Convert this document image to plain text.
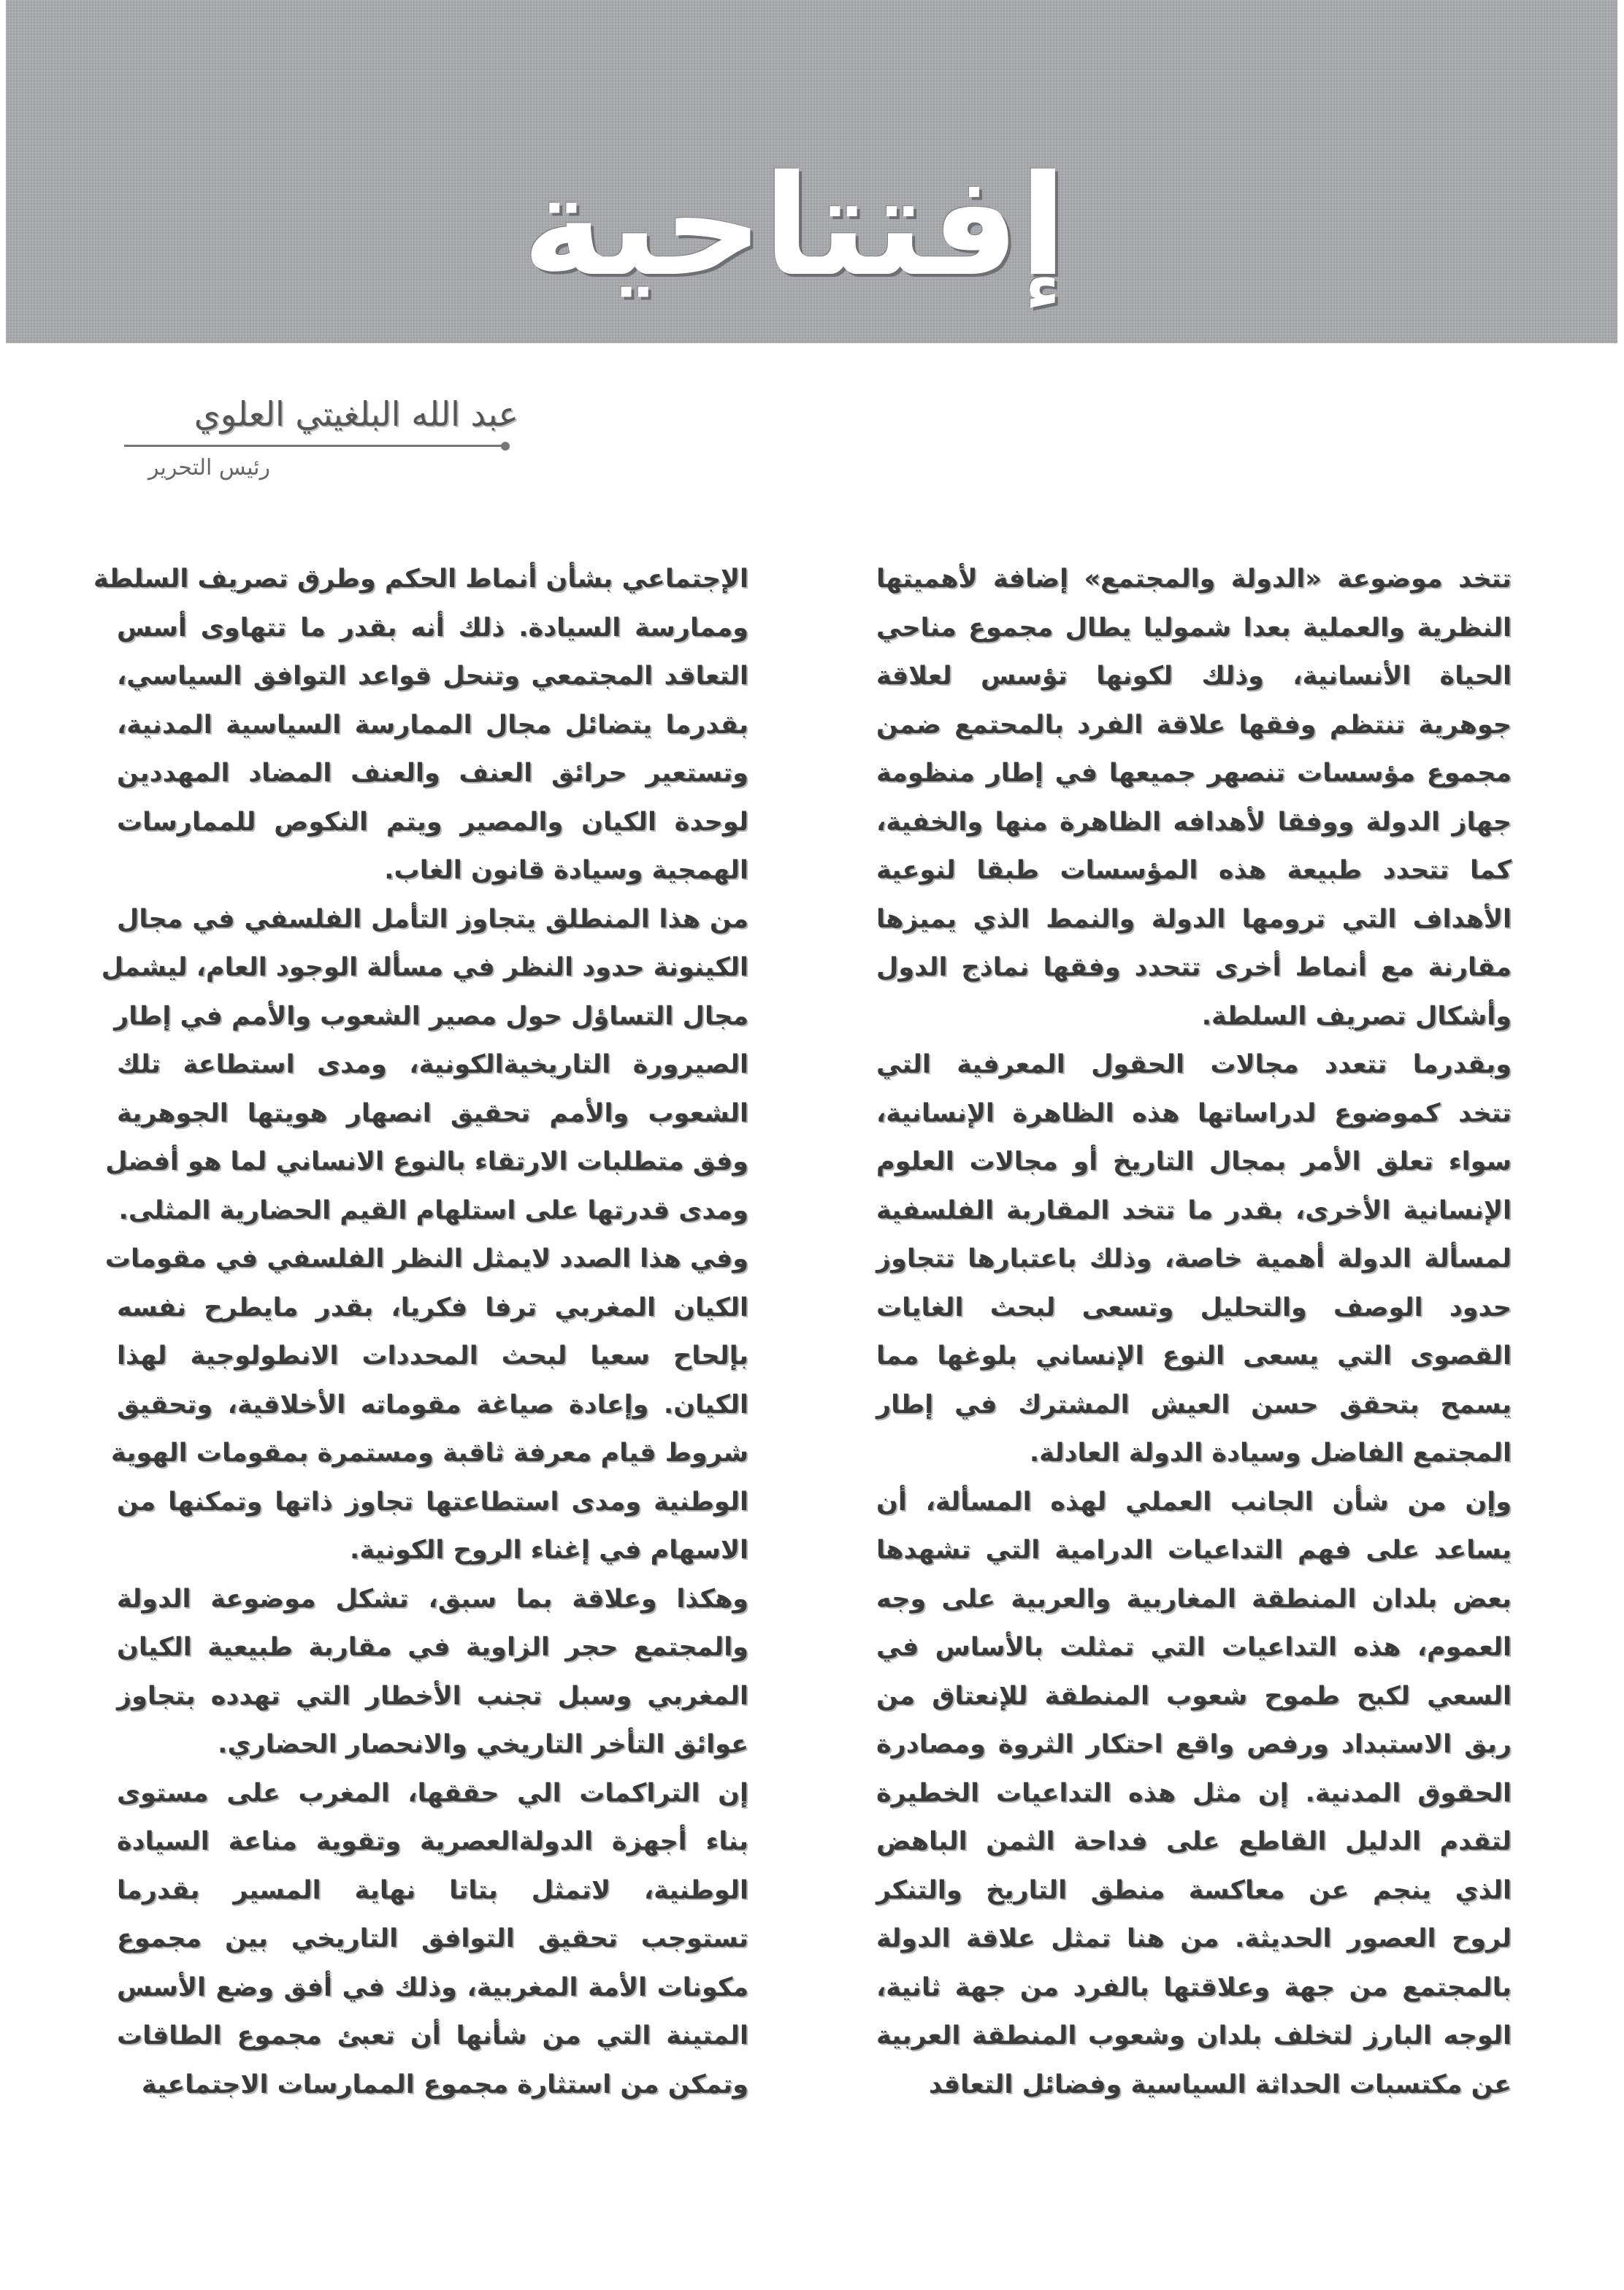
إفتتاحية
عبد الله البلغيتي العلوي
رئيس التحرير

تتخد موضوعة «الدولة والمجتمع» إضافة لأهميتها
النظرية والعملية بعدا شموليا يطال مجموع مناحي
الحياة الأنسانية، وذلك لكونها تؤسس لعلاقة
جوهرية تنتظم وفقها علاقة الفرد بالمحتمع ضمن
مجموع مؤسسات تنصهر جميعها في إطار منظومة
جهاز الدولة ووفقا لأهدافه الظاهرة منها والخفية،
كما تتحدد طبيعة هذه المؤسسات طبقا لنوعية
الأهداف التي ترومها الدولة والنمط الذي يميزها
مقارنة مع أنماط أخرى تتحدد وفقها نماذج الدول
وأشكال تصريف السلطة.

وبقدرما تتعدد مجالات الحقول المعرفية التي
تتخد كموضوع لدراساتها هذه الظاهرة الإنسانية،
سواء تعلق الأمر بمجال التاريخ أو مجالات العلوم
الإنسانية الأخرى، بقدر ما تتخد المقاربة الفلسفية
لمسألة الدولة أهمية خاصة، وذلك باعتبارها تتجاوز
حدود الوصف والتحليل وتسعى لبحث الغايات
القصوى التي يسعى النوع الإنساني بلوغها مما
يسمح بتحقق حسن العيش المشترك في إطار
المجتمع الفاضل وسيادة الدولة العادلة.

وإن من شأن الجانب العملي لهذه المسألة، أن
يساعد على فهم التداعيات الدرامية التي تشهدها
بعض بلدان المنطقة المغاربية والعربية على وجه
العموم، هذه التداعيات التي تمثلت بالأساس في
السعي لكبح طموح شعوب المنطقة للإنعتاق من
ربق الاستبداد ورفص واقع احتكار الثروة ومصادرة
الحقوق المدنية. إن مثل هذه التداعيات الخطيرة
لتقدم الدليل القاطع على فداحة الثمن الباهض
الذي ينجم عن معاكسة منطق التاريخ والتنكر
لروح العصور الحديثة. من هنا تمثل علاقة الدولة
بالمجتمع من جهة وعلاقتها بالفرد من جهة ثانية،
الوجه البارز لتخلف بلدان وشعوب المنطقة العربية
عن مكتسبات الحداثة السياسية وفضائل التعاقد

الإجتماعي بشأن أنماط الحكم وطرق تصريف السلطة
وممارسة السيادة. ذلك أنه بقدر ما تتهاوى أسس
التعاقد المجتمعي وتنحل قواعد التوافق السياسي،
بقدرما يتضائل مجال الممارسة السياسية المدنية،
وتستعير حرائق العنف والعنف المضاد المهددين
لوحدة الكيان والمصير ويتم النكوص للممارسات
الهمجية وسيادة قانون الغاب.

من هذا المنطلق يتجاوز التأمل الفلسفي في مجال
الكينونة حدود النظر في مسألة الوجود العام، ليشمل
مجال التساؤل حول مصير الشعوب والأمم في إطار
الصيرورة التاريخيةالكونية، ومدى استطاعة تلك
الشعوب والأمم تحقيق انصهار هويتها الجوهرية
وفق متطلبات الارتقاء بالنوع الانساني لما هو أفضل
ومدى قدرتها على استلهام القيم الحضارية المثلى.

وفي هذا الصدد لايمثل النظر الفلسفي في مقومات
الكيان المغربي ترفا فكريا، بقدر مايطرح نفسه
بإلحاح سعيا لبحث المحددات الانطولوجية لهذا
الكيان. وإعادة صياغة مقوماته الأخلاقية، وتحقيق
شروط قيام معرفة ثاقبة ومستمرة بمقومات الهوية
الوطنية ومدى استطاعتها تجاوز ذاتها وتمكنها من
الاسهام في إغناء الروح الكونية.

وهكذا وعلاقة بما سبق، تشكل موضوعة الدولة
والمجتمع حجر الزاوية في مقاربة طبيعية الكيان
المغربي وسبل تجنب الأخطار التي تهدده بتجاوز
عوائق التأخر التاريخي والانحصار الحضاري.

إن التراكمات الي حققها، المغرب على مستوى
بناء أجهزة الدولةالعصرية وتقوية مناعة السيادة
الوطنية، لاتمثل بتاتا نهاية المسير بقدرما
تستوجب تحقيق التوافق التاريخي بين مجموع
مكونات الأمة المغربية، وذلك في أفق وضع الأسس
المتينة التي من شأنها أن تعبئ مجموع الطاقات
وتمكن من استثارة مجموع الممارسات الاجتماعية
